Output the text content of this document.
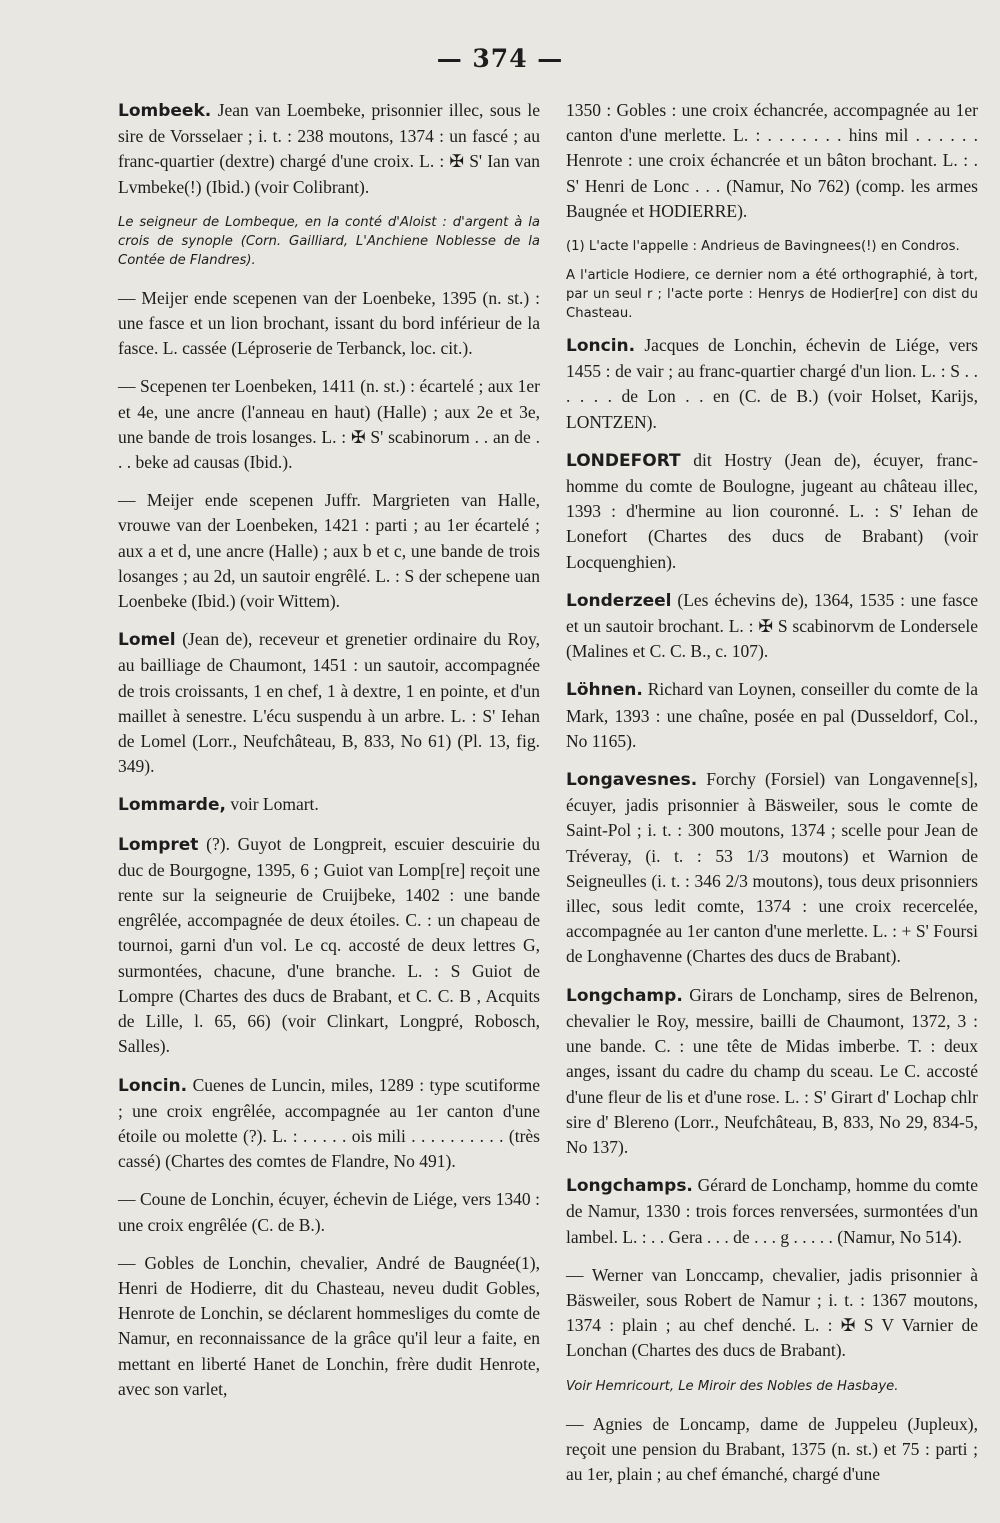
— 374 —

Lombeek. Jean van Loembeke, prisonnier illec, sous le sire de Vorsselaer ; i. t. : 238 moutons, 1374 : un fascé ; au franc-quartier (dextre) chargé d'une croix. L. : ✠ S' Ian van Lvmbeke(!) (Ibid.) (voir Colibrant).

Le seigneur de Lombeque, en la conté d'Aloist : d'argent à la crois de synople (Corn. Gailliard, L'Anchiene Noblesse de la Contée de Flandres).

— Meijer ende scepenen van der Loenbeke, 1395 (n. st.) : une fasce et un lion brochant, issant du bord inférieur de la fasce. L. cassée (Léproserie de Terbanck, loc. cit.).

— Scepenen ter Loenbeken, 1411 (n. st.) : écartelé ; aux 1er et 4e, une ancre (l'anneau en haut) (Halle) ; aux 2e et 3e, une bande de trois losanges. L. : ✠ S' scabinorum . . an de . . . beke ad causas (Ibid.).

— Meijer ende scepenen Juffr. Margrieten van Halle, vrouwe van der Loenbeken, 1421 : parti ; au 1er écartelé ; aux a et d, une ancre (Halle) ; aux b et c, une bande de trois losanges ; au 2d, un sautoir engrêlé. L. : S der schepene uan Loenbeke (Ibid.) (voir Wittem).

Lomel (Jean de), receveur et grenetier ordinaire du Roy, au bailliage de Chaumont, 1451 : un sautoir, accompagnée de trois croissants, 1 en chef, 1 à dextre, 1 en pointe, et d'un maillet à senestre. L'écu suspendu à un arbre. L. : S' Iehan de Lomel (Lorr., Neufchâteau, B, 833, No 61) (Pl. 13, fig. 349).

Lommarde, voir Lomart.

Lompret (?). Guyot de Longpreit, escuier descuirie du duc de Bourgogne, 1395, 6 ; Guiot van Lomp[re] reçoit une rente sur la seigneurie de Cruijbeke, 1402 : une bande engrêlée, accompagnée de deux étoiles. C. : un chapeau de tournoi, garni d'un vol. Le cq. accosté de deux lettres G, surmontées, chacune, d'une branche. L. : S Guiot de Lompre (Chartes des ducs de Brabant, et C. C. B , Acquits de Lille, l. 65, 66) (voir Clinkart, Longpré, Robosch, Salles).

Loncin. Cuenes de Luncin, miles, 1289 : type scutiforme ; une croix engrêlée, accompagnée au 1er canton d'une étoile ou molette (?). L. : . . . . . ois mili . . . . . . . . . . (très cassé) (Chartes des comtes de Flandre, No 491).

— Coune de Lonchin, écuyer, échevin de Liége, vers 1340 : une croix engrêlée (C. de B.).

— Gobles de Lonchin, chevalier, André de Baugnée(1), Henri de Hodierre, dit du Chasteau, neveu dudit Gobles, Henrote de Lonchin, se déclarent hommesliges du comte de Namur, en reconnaissance de la grâce qu'il leur a faite, en mettant en liberté Hanet de Lonchin, frère dudit Henrote, avec son varlet,

1350 : Gobles : une croix échancrée, accompagnée au 1er canton d'une merlette. L. : . . . . . . . hins mil . . . . . . Henrote : une croix échancrée et un bâton brochant. L. : . S' Henri de Lonc . . . (Namur, No 762) (comp. les armes Baugnée et HODIERRE).

(1) L'acte l'appelle : Andrieus de Bavingnees(!) en Condros.

A l'article Hodiere, ce dernier nom a été orthographié, à tort, par un seul r ; l'acte porte : Henrys de Hodier[re] con dist du Chasteau.

Loncin. Jacques de Lonchin, échevin de Liége, vers 1455 : de vair ; au franc-quartier chargé d'un lion. L. : S . . . . . . de Lon . . en (C. de B.) (voir Holset, Karijs, LONTZEN).

LONDEFORT dit Hostry (Jean de), écuyer, franc-homme du comte de Boulogne, jugeant au château illec, 1393 : d'hermine au lion couronné. L. : S' Iehan de Lonefort (Chartes des ducs de Brabant) (voir Locquenghien).

Londerzeel (Les échevins de), 1364, 1535 : une fasce et un sautoir brochant. L. : ✠ S scabinorvm de Londersele (Malines et C. C. B., c. 107).

Löhnen. Richard van Loynen, conseiller du comte de la Mark, 1393 : une chaîne, posée en pal (Dusseldorf, Col., No 1165).

Longavesnes. Forchy (Forsiel) van Longavenne[s], écuyer, jadis prisonnier à Bäsweiler, sous le comte de Saint-Pol ; i. t. : 300 moutons, 1374 ; scelle pour Jean de Tréveray, (i. t. : 53 1/3 moutons) et Warnion de Seigneulles (i. t. : 346 2/3 moutons), tous deux prisonniers illec, sous ledit comte, 1374 : une croix recercelée, accompagnée au 1er canton d'une merlette. L. : + S' Foursi de Longhavenne (Chartes des ducs de Brabant).

Longchamp. Girars de Lonchamp, sires de Belrenon, chevalier le Roy, messire, bailli de Chaumont, 1372, 3 : une bande. C. : une tête de Midas imberbe. T. : deux anges, issant du cadre du champ du sceau. Le C. accosté d'une fleur de lis et d'une rose. L. : S' Girart d' Lochap chlr sire d' Blereno (Lorr., Neufchâteau, B, 833, No 29, 834-5, No 137).

Longchamps. Gérard de Lonchamp, homme du comte de Namur, 1330 : trois forces renversées, surmontées d'un lambel. L. : . . Gera . . . de . . . g . . . . . (Namur, No 514).

— Werner van Lonccamp, chevalier, jadis prisonnier à Bäsweiler, sous Robert de Namur ; i. t. : 1367 moutons, 1374 : plain ; au chef denché. L. : ✠ S V Varnier de Lonchan (Chartes des ducs de Brabant).

Voir Hemricourt, Le Miroir des Nobles de Hasbaye.

— Agnies de Loncamp, dame de Juppeleu (Jupleux), reçoit une pension du Brabant, 1375 (n. st.) et 75 : parti ; au 1er, plain ; au chef émanché, chargé d'une
